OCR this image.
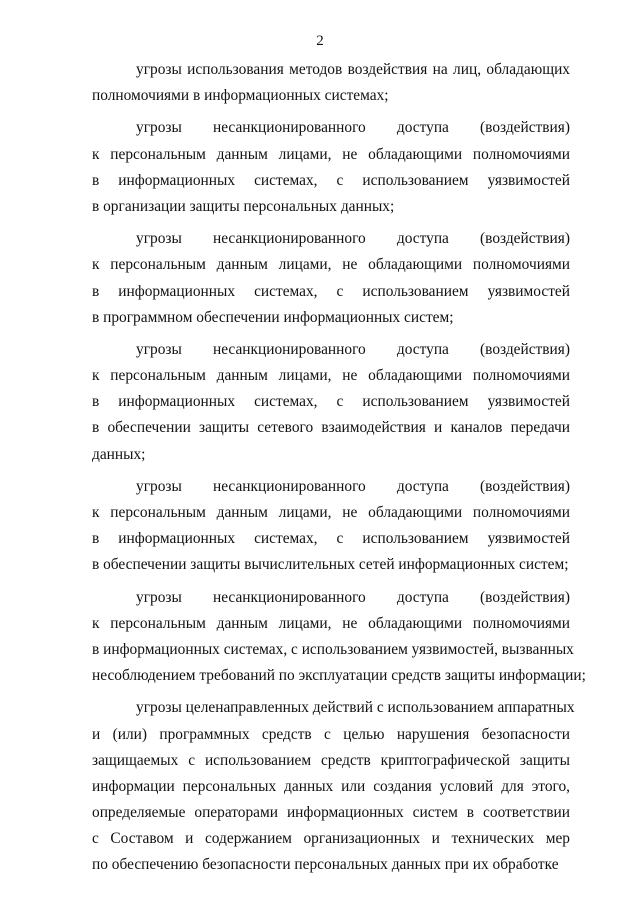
2
угрозы использования методов воздействия на лиц, обладающих
полномочиями в информационных системах;
угрозы несанкционированного доступа (воздействия)
к персональным данным лицами, не обладающими полномочиями
в информационных системах, с использованием уязвимостей
в организации защиты персональных данных;
угрозы несанкционированного доступа (воздействия)
к персональным данным лицами, не обладающими полномочиями
в информационных системах, с использованием уязвимостей
в программном обеспечении информационных систем;
угрозы несанкционированного доступа (воздействия)
к персональным данным лицами, не обладающими полномочиями
в информационных системах, с использованием уязвимостей
в обеспечении защиты сетевого взаимодействия и каналов передачи
данных;
угрозы несанкционированного доступа (воздействия)
к персональным данным лицами, не обладающими полномочиями
в информационных системах, с использованием уязвимостей
в обеспечении защиты вычислительных сетей информационных систем;
угрозы несанкционированного доступа (воздействия)
к персональным данным лицами, не обладающими полномочиями
в информационных системах, с использованием уязвимостей, вызванных
несоблюдением требований по эксплуатации средств защиты информации;
угрозы целенаправленных действий с использованием аппаратных
и (или) программных средств с целью нарушения безопасности
защищаемых с использованием средств криптографической защиты
информации персональных данных или создания условий для этого,
определяемые операторами информационных систем в соответствии
с Составом и содержанием организационных и технических мер
по обеспечению безопасности персональных данных при их обработке
